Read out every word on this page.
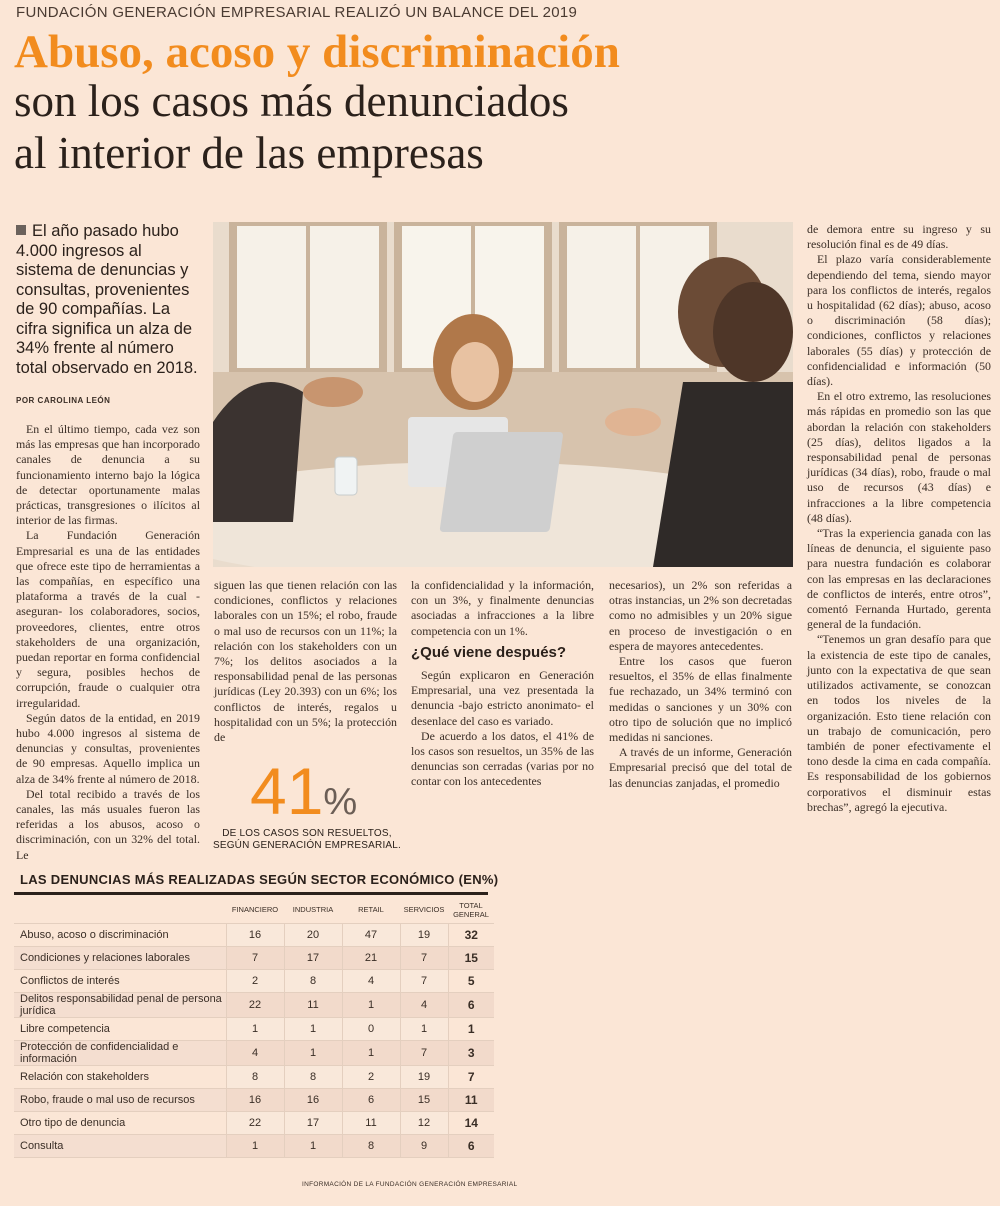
FUNDACIÓN GENERACIÓN EMPRESARIAL REALIZÓ UN BALANCE DEL 2019
Abuso, acoso y discriminación
son los casos más denunciados
al interior de las empresas
El año pasado hubo 4.000 ingresos al sistema de denuncias y consultas, provenientes de 90 compañías. La cifra significa un alza de 34% frente al número total observado en 2018.
POR CAROLINA LEÓN

En el último tiempo, cada vez son más las empresas que han incorporado canales de denuncia a su funcionamiento interno bajo la lógica de detectar oportunamente malas prácticas, transgresiones o ilícitos al interior de las firmas.

La Fundación Generación Empresarial es una de las entidades que ofrece este tipo de herramientas a las compañías, en específico una plataforma a través de la cual -aseguran- los colaboradores, socios, proveedores, clientes, entre otros stakeholders de una organización, puedan reportar en forma confidencial y segura, posibles hechos de corrupción, fraude o cualquier otra irregularidad.

Según datos de la entidad, en 2019 hubo 4.000 ingresos al sistema de denuncias y consultas, provenientes de 90 empresas. Aquello implica un alza de 34% frente al número de 2018.

Del total recibido a través de los canales, las más usuales fueron las referidas a los abusos, acoso o discriminación, con un 32% del total. Le

siguen las que tienen relación con las condiciones, conflictos y relaciones laborales con un 15%; el robo, fraude o mal uso de recursos con un 11%; la relación con los stakeholders con un 7%; los delitos asociados a la responsabilidad penal de las personas jurídicas (Ley 20.393) con un 6%; los conflictos de interés, regalos u hospitalidad con un 5%; la protección de

la confidencialidad y la información, con un 3%, y finalmente denuncias asociadas a infracciones a la libre competencia con un 1%.

¿Qué viene después?

Según explicaron en Generación Empresarial, una vez presentada la denuncia -bajo estricto anonimato- el desenlace del caso es variado.

De acuerdo a los datos, el 41% de los casos son resueltos, un 35% de las denuncias son cerradas (varias por no contar con los antecedentes

necesarios), un 2% son referidas a otras instancias, un 2% son decretadas como no admisibles y un 20% sigue en proceso de investigación o en espera de mayores antecedentes.

Entre los casos que fueron resueltos, el 35% de ellas finalmente fue rechazado, un 34% terminó con medidas o sanciones y un 30% con otro tipo de solución que no implicó medidas ni sanciones.

A través de un informe, Generación Empresarial precisó que del total de las denuncias zanjadas, el promedio

de demora entre su ingreso y su resolución final es de 49 días.

El plazo varía considerablemente dependiendo del tema, siendo mayor para los conflictos de interés, regalos u hospitalidad (62 días); abuso, acoso o discriminación (58 días); condiciones, conflictos y relaciones laborales (55 días) y protección de confidencialidad e información (50 días).

En el otro extremo, las resoluciones más rápidas en promedio son las que abordan la relación con stakeholders (25 días), delitos ligados a la responsabilidad penal de personas jurídicas (34 días), robo, fraude o mal uso de recursos (43 días) e infracciones a la libre competencia (48 días).

“Tras la experiencia ganada con las líneas de denuncia, el siguiente paso para nuestra fundación es colaborar con las empresas en las declaraciones de conflictos de interés, entre otros”, comentó Fernanda Hurtado, gerenta general de la fundación.

“Tenemos un gran desafío para que la existencia de este tipo de canales, junto con la expectativa de que sean utilizados activamente, se conozcan en todos los niveles de la organización. Esto tiene relación con un trabajo de comunicación, pero también de poner efectivamente el tono desde la cima en cada compañía. Es responsabilidad de los gobiernos corporativos el disminuir estas brechas”, agregó la ejecutiva.

41%
DE LOS CASOS SON RESUELTOS, SEGÚN GENERACIÓN EMPRESARIAL.
LAS DENUNCIAS MÁS REALIZADAS SEGÚN SECTOR ECONÓMICO (EN%)
	FINANCIERO	INDUSTRIA	RETAIL	SERVICIOS	TOTAL GENERAL
Abuso, acoso o discriminación	16	20	47	19	32
Condiciones y relaciones laborales	7	17	21	7	15
Conflictos de interés	2	8	4	7	5
Delitos responsabilidad penal de persona jurídica	22	11	1	4	6
Libre competencia	1	1	0	1	1
Protección de confidencialidad e información	4	1	1	7	3
Relación con stakeholders	8	8	2	19	7
Robo, fraude o mal uso de recursos	16	16	6	15	11
Otro tipo de denuncia	22	17	11	12	14
Consulta	1	1	8	9	6
INFORMACIÓN DE LA FUNDACIÓN GENERACIÓN EMPRESARIAL
